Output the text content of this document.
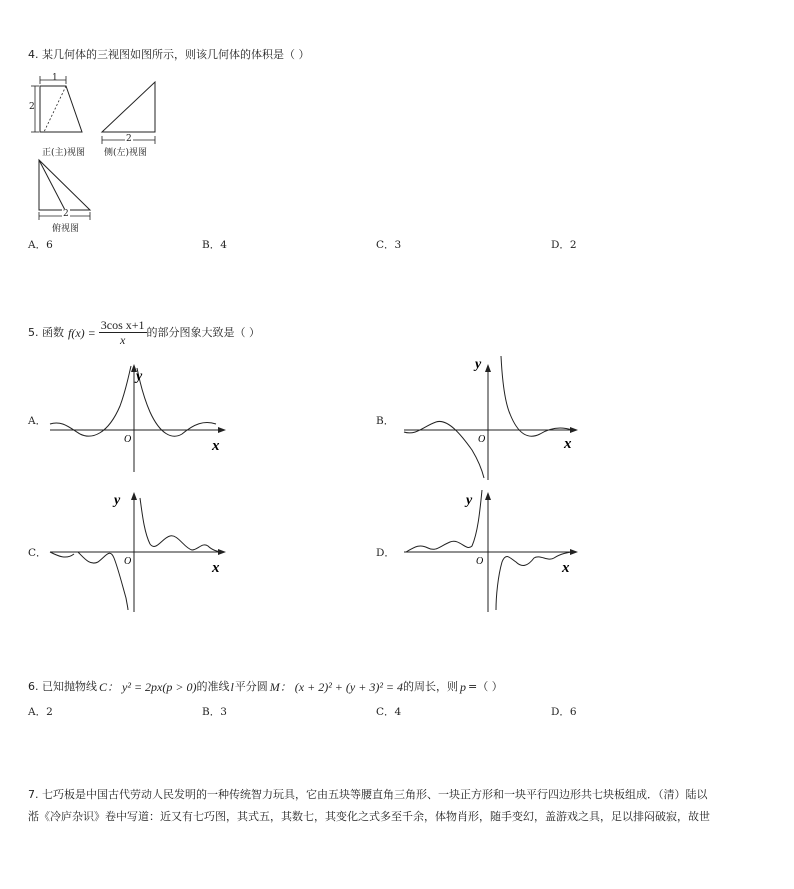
4. 某几何体的三视图如图所示，则该几何体的体积是（ ）
1
2
正(主)视图
2
侧(左)视图
2
俯视图
A．6	B．4	C．3	D．2
5. 函数 $f(x) = \frac{\text{3cos x+1}}{x}$ 的部分图象大致是（ ）
A．	B．
C．	D．
y
O	x
y
O	x
y
O	x
y
O	x
6. 已知抛物线 C： y² = 2px(p > 0) 的准线 l 平分圆 M： (x + 2)² + (y + 3)² = 4 的周长，则 p =（ ）
A．2	B．3	C．4	D．6
7. 七巧板是中国古代劳动人民发明的一种传统智力玩具，它由五块等腰直角三角形、一块正方形和一块平行四边形共七块板组成．（清）陆以
湉《冷庐杂识》卷中写道：近又有七巧图，其式五，其数七，其变化之式多至千余，体物肖形，随手变幻，盖游戏之具，足以排闷破寂，故世
